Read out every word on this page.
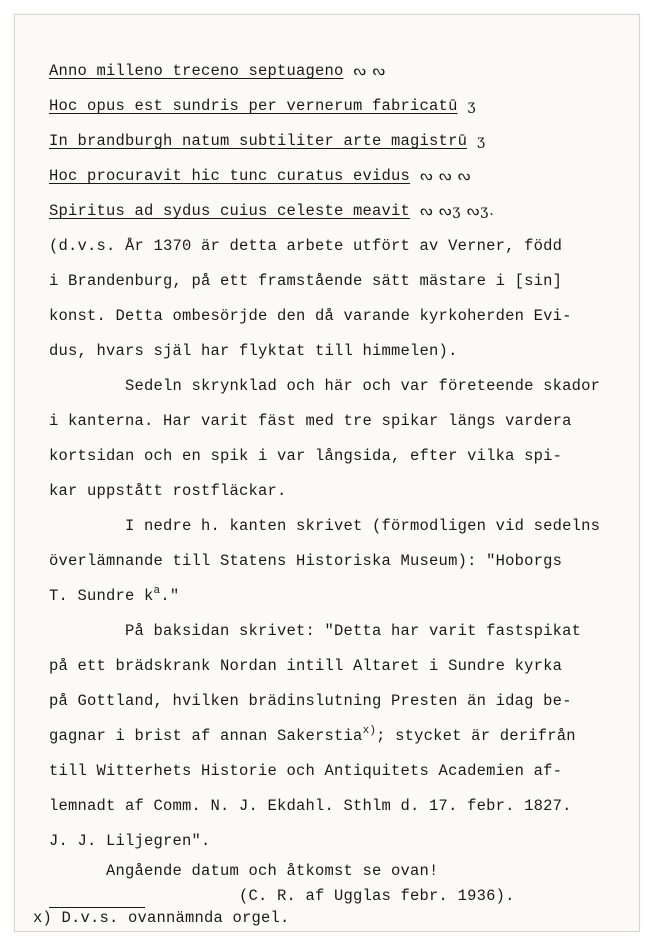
Anno milleno treceno septuageno ᔓ ᔓ
Hoc opus est sundris per vernerum fabricatū ʒ
In brandburgh natum subtiliter arte magistrū ʒ
Hoc procuravit hic tunc curatus evidus ᔓ ᔓ ᔓ
Spiritus ad sydus cuius celeste meavit ᔓ ᔓʒ ᔓʒ.
(d.v.s. År 1370 är detta arbete utfört av Verner, född
i Brandenburg, på ett framstående sätt mästare i [sin]
konst. Detta ombesörjde den då varande kyrkoherden Evi-
dus, hvars själ har flyktat till himmelen).
Sedeln skrynklad och här och var företeende skador
i kanterna. Har varit fäst med tre spikar längs vardera
kortsidan och en spik i var långsida, efter vilka spi-
kar uppstått rostfläckar.
I nedre h. kanten skrivet (förmodligen vid sedelns
överlämnande till Statens Historiska Museum): "Hoborgs
T. Sundre $k^a$."
På baksidan skrivet: "Detta har varit fastspikat
på ett brädskrank Nordan intill Altaret i Sundre kyrka
på Gottland, hvilken brädinslutning Presten än idag be-
gagnar i brist af annan Sakerstia$^{x)}$; stycket är derifrån
till Witterhets Historie och Antiquitets Academien af-
lemnadt af Comm. N. J. Ekdahl. Sthlm d. 17. febr. 1827.
J. J. Liljegren".
Angående datum och åtkomst se ovan!
(C. R. af Ugglas febr. 1936).
x) D.v.s. ovannämnda orgel.
